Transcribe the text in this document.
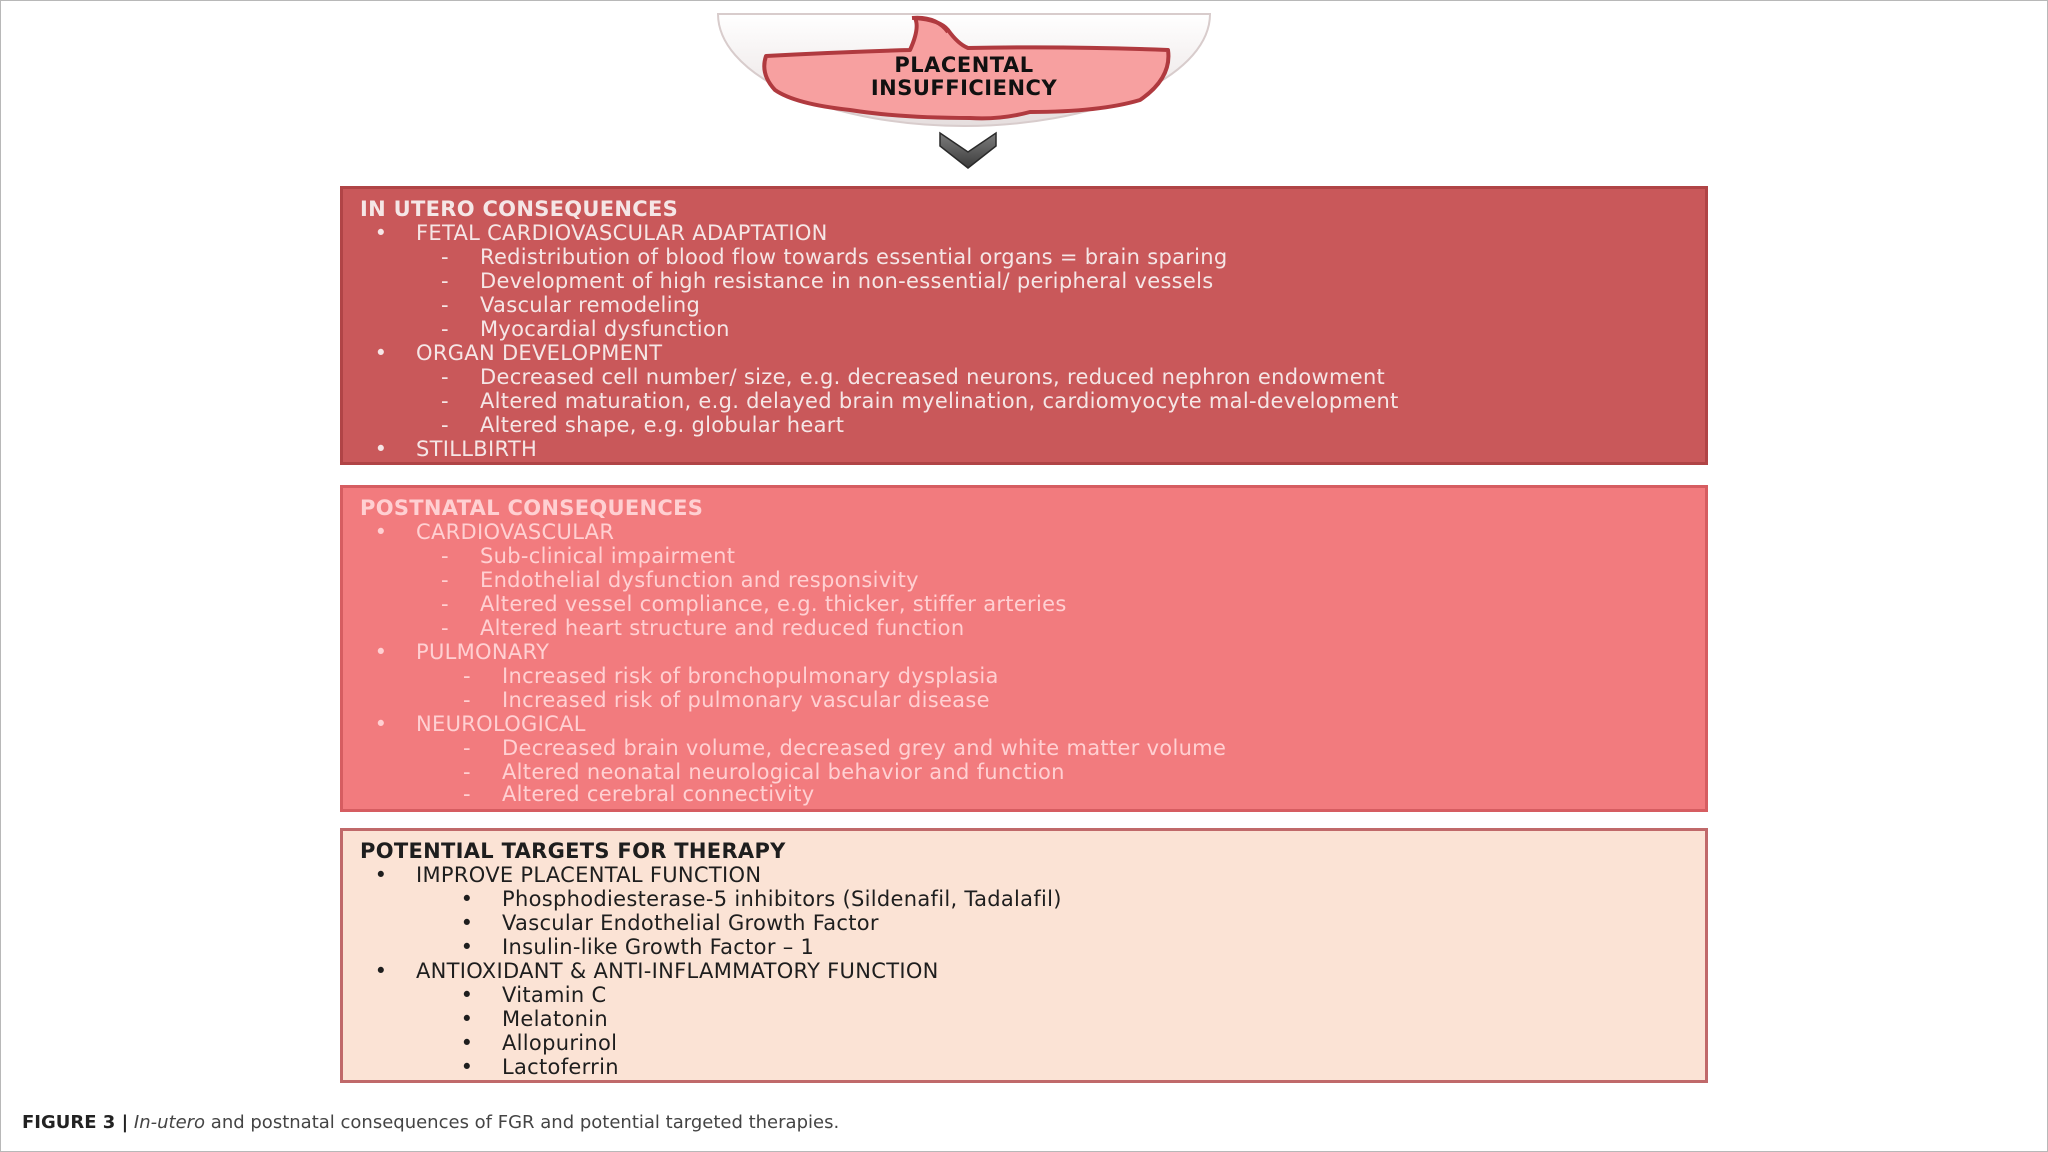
PLACENTAL
INSUFFICIENCY
IN UTERO CONSEQUENCES
•	FETAL CARDIOVASCULAR ADAPTATION
-	Redistribution of blood flow towards essential organs = brain sparing
-	Development of high resistance in non-essential/ peripheral vessels
-	Vascular remodeling
-	Myocardial dysfunction
•	ORGAN DEVELOPMENT
-	Decreased cell number/ size, e.g. decreased neurons, reduced nephron endowment
-	Altered maturation, e.g. delayed brain myelination, cardiomyocyte mal-development
-	Altered shape, e.g. globular heart
•	STILLBIRTH
POSTNATAL CONSEQUENCES
•	CARDIOVASCULAR
-	Sub-clinical impairment
-	Endothelial dysfunction and responsivity
-	Altered vessel compliance, e.g. thicker, stiffer arteries
-	Altered heart structure and reduced function
•	PULMONARY
-	Increased risk of bronchopulmonary dysplasia
-	Increased risk of pulmonary vascular disease
•	NEUROLOGICAL
-	Decreased brain volume, decreased grey and white matter volume
-	Altered neonatal neurological behavior and function
-	Altered cerebral connectivity
POTENTIAL TARGETS FOR THERAPY
•	IMPROVE PLACENTAL FUNCTION
•	Phosphodiesterase-5 inhibitors (Sildenafil, Tadalafil)
•	Vascular Endothelial Growth Factor
•	Insulin-like Growth Factor – 1
•	ANTIOXIDANT & ANTI-INFLAMMATORY FUNCTION
•	Vitamin C
•	Melatonin
•	Allopurinol
•	Lactoferrin
FIGURE 3 | In-utero and postnatal consequences of FGR and potential targeted therapies.
